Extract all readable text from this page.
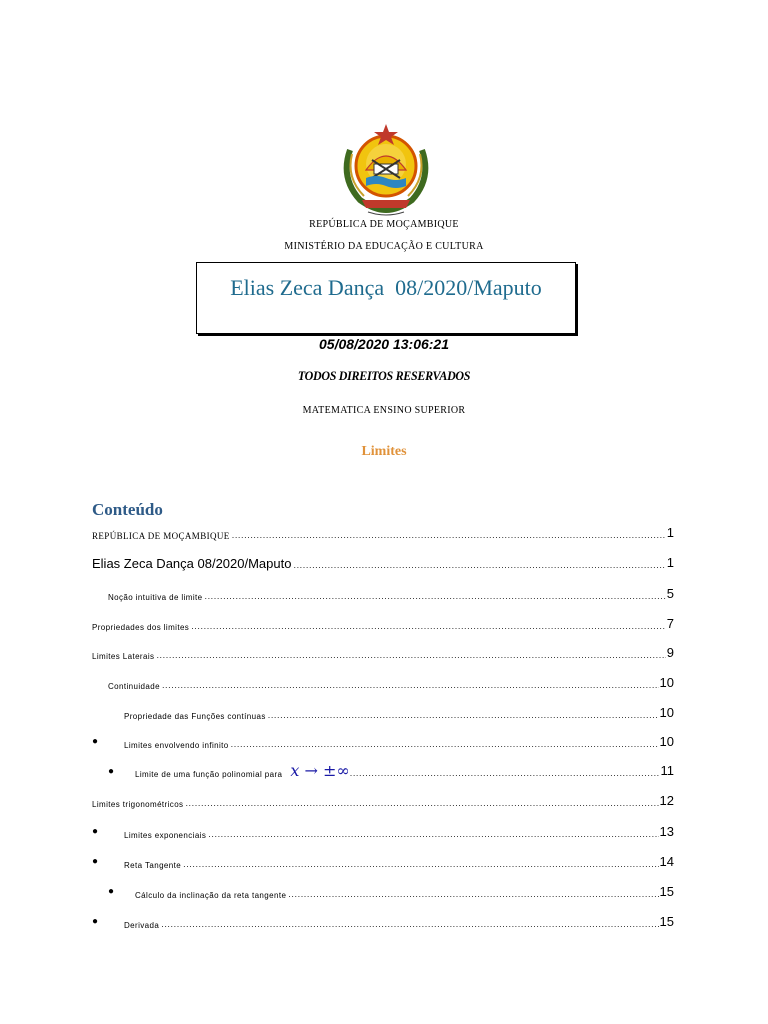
REPÚBLICA DE MOÇAMBIQUE
MINISTÉRIO DA EDUCAÇÃO E CULTURA
Elias Zeca Dança  08/2020/Maputo
05/08/2020 13:06:21
TODOS DIREITOS RESERVADOS
MATEMATICA ENSINO SUPERIOR
Limites
Conteúdo
REPÚBLICA DE MOÇAMBIQUE .....	1
Elias Zeca Dança 08/2020/Maputo .....	1
Noção intuitiva de limite .....	5
Propriedades dos limites .....	7
Limites Laterais .....	9
Continuidade .....	10
Propriedade das Funções contínuas .....	10
●	Limites envolvendo infinito .....	10
●	Limite de uma função polinomial para x → ±∞ .....	11
Limites trigonométricos .....	12
●	Limites exponenciais .....	13
●	Reta Tangente .....	14
●	Cálculo da inclinação da reta tangente .....	15
●	Derivada .....	15
